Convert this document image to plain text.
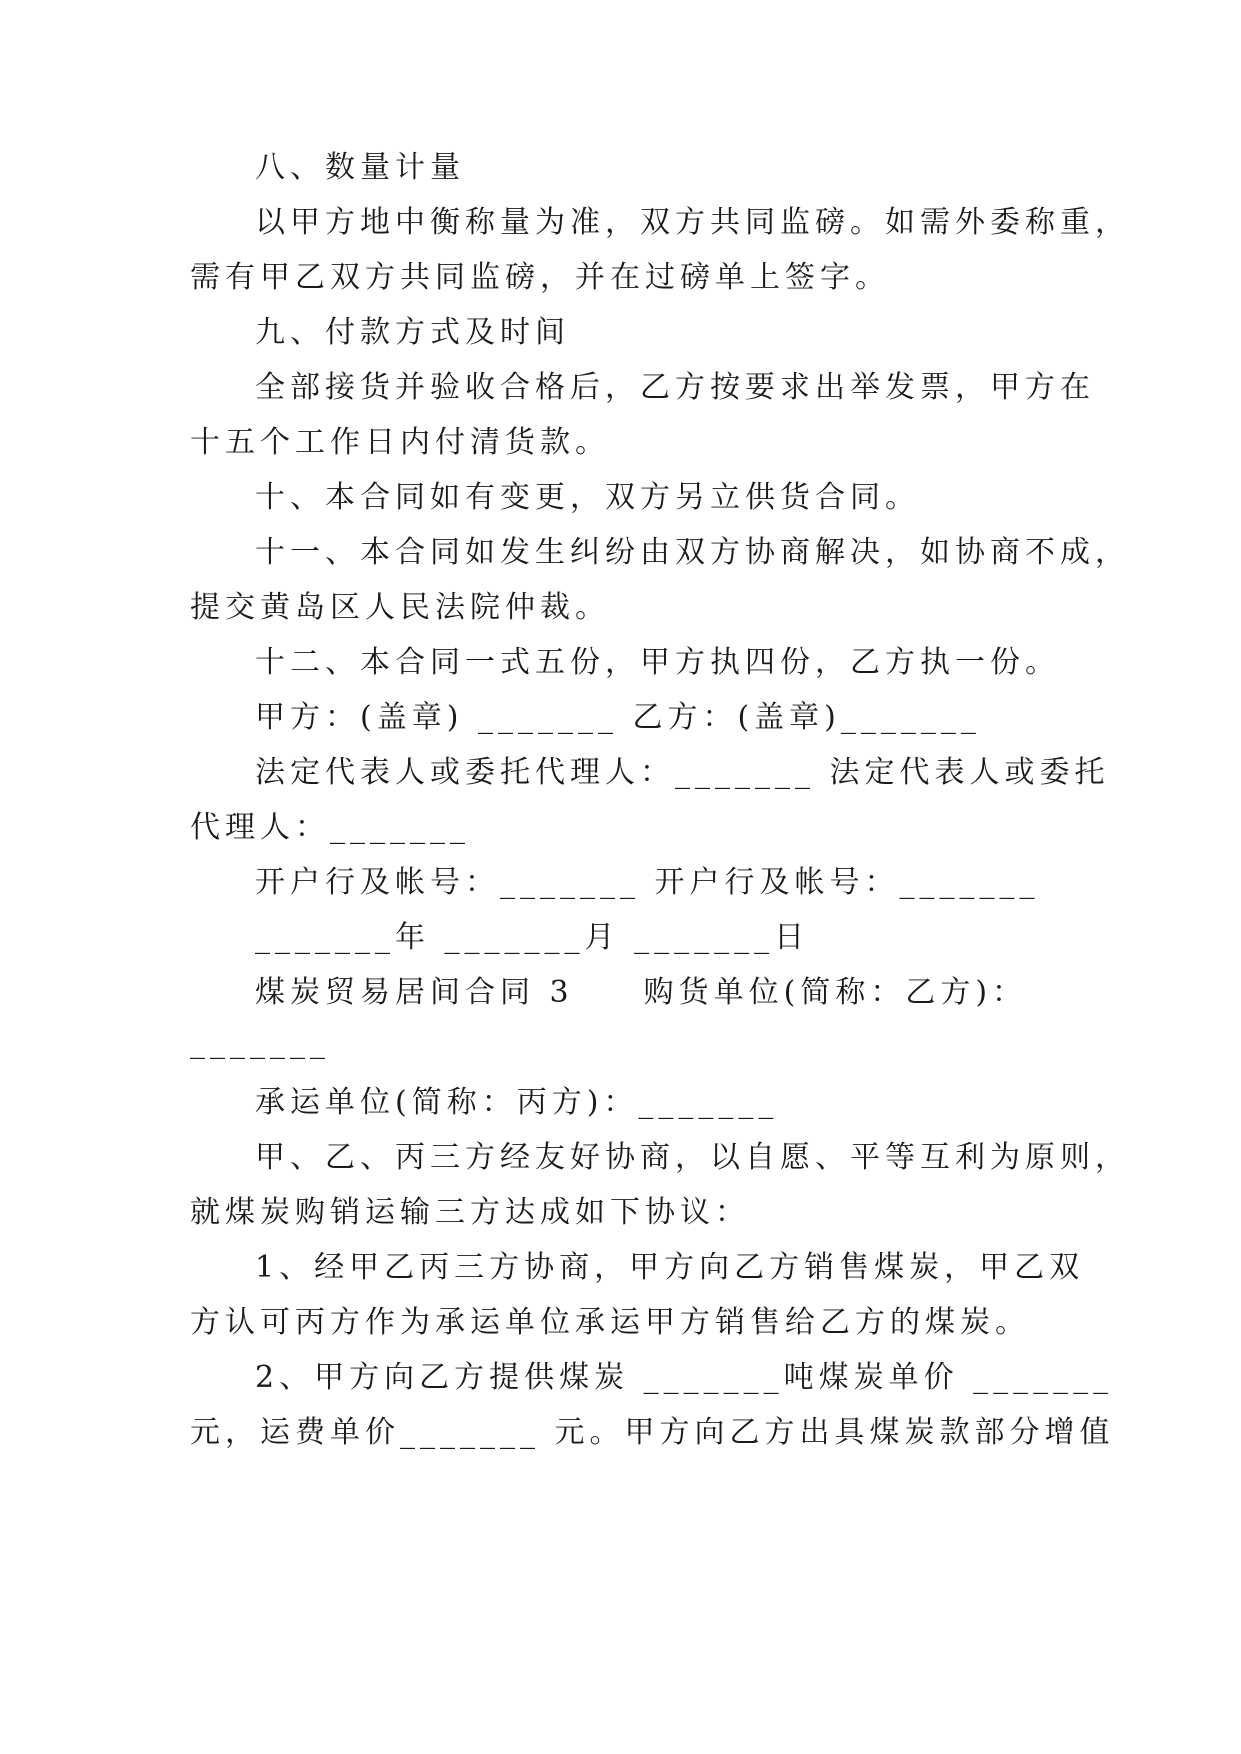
八、数量计量
以甲方地中衡称量为准，双方共同监磅。如需外委称重，
需有甲乙双方共同监磅，并在过磅单上签字。
九、付款方式及时间
全部接货并验收合格后，乙方按要求出举发票，甲方在
十五个工作日内付清货款。
十、本合同如有变更，双方另立供货合同。
十一、本合同如发生纠纷由双方协商解决，如协商不成，
提交黄岛区人民法院仲裁。
十二、本合同一式五份，甲方执四份，乙方执一份。
甲方：(盖章) _______ 乙方：(盖章)_______
法定代表人或委托代理人：_______ 法定代表人或委托
代理人：_______
开户行及帐号：_______ 开户行及帐号：_______
_______年 _______月 _______日
煤炭贸易居间合同 3　　购货单位(简称：乙方)：
_______
承运单位(简称：丙方)：_______
甲、乙、丙三方经友好协商，以自愿、平等互利为原则，
就煤炭购销运输三方达成如下协议：
1、经甲乙丙三方协商，甲方向乙方销售煤炭，甲乙双
方认可丙方作为承运单位承运甲方销售给乙方的煤炭。
2、甲方向乙方提供煤炭 _______吨煤炭单价 _______
元，运费单价_______ 元。甲方向乙方出具煤炭款部分增值
